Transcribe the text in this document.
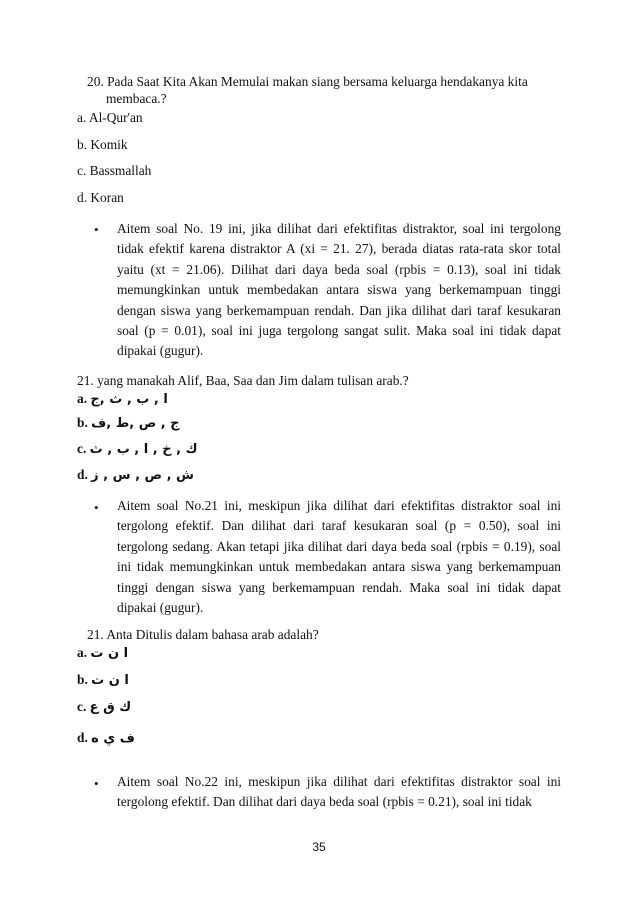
20. Pada Saat Kita Akan Memulai makan siang bersama keluarga hendakanya kita
membaca.?
a. Al-Qur'an
b. Komik
c. Bassmallah
d. Koran
• Aitem soal No. 19 ini, jika dilihat dari efektifitas distraktor, soal ini tergolong tidak efektif karena distraktor A (xi = 21. 27), berada diatas rata-rata skor total yaitu (xt = 21.06). Dilihat dari daya beda soal (rpbis = 0.13), soal ini tidak memungkinkan untuk membedakan antara siswa yang berkemampuan tinggi dengan siswa yang berkemampuan rendah. Dan jika dilihat dari taraf kesukaran soal (p = 0.01), soal ini juga tergolong sangat sulit. Maka soal ini tidak dapat dipakai (gugur).

21. yang manakah Alif, Baa, Saa dan Jim dalam tulisan arab.?
a. ا , ب , ث ,ج
b. ج , ص ,ط ,ف
c. ك , خ , ا , ب , ث
d. ش , ص , س , ز
• Aitem soal No.21 ini, meskipun jika dilihat dari efektifitas distraktor soal ini tergolong efektif. Dan dilihat dari taraf kesukaran soal (p = 0.50), soal ini tergolong sedang. Akan tetapi jika dilihat dari daya beda soal (rpbis = 0.19), soal ini tidak memungkinkan untuk membedakan antara siswa yang berkemampuan tinggi dengan siswa yang berkemampuan rendah. Maka soal ini tidak dapat dipakai (gugur).

21. Anta Ditulis dalam bahasa arab adalah?
a. ا ن ت
b. ا ن ت
c. ك ق ع
d. ف ي ه
• Aitem soal No.22 ini, meskipun jika dilihat dari efektifitas distraktor soal ini tergolong efektif. Dan dilihat dari daya beda soal (rpbis = 0.21), soal ini tidak

35
